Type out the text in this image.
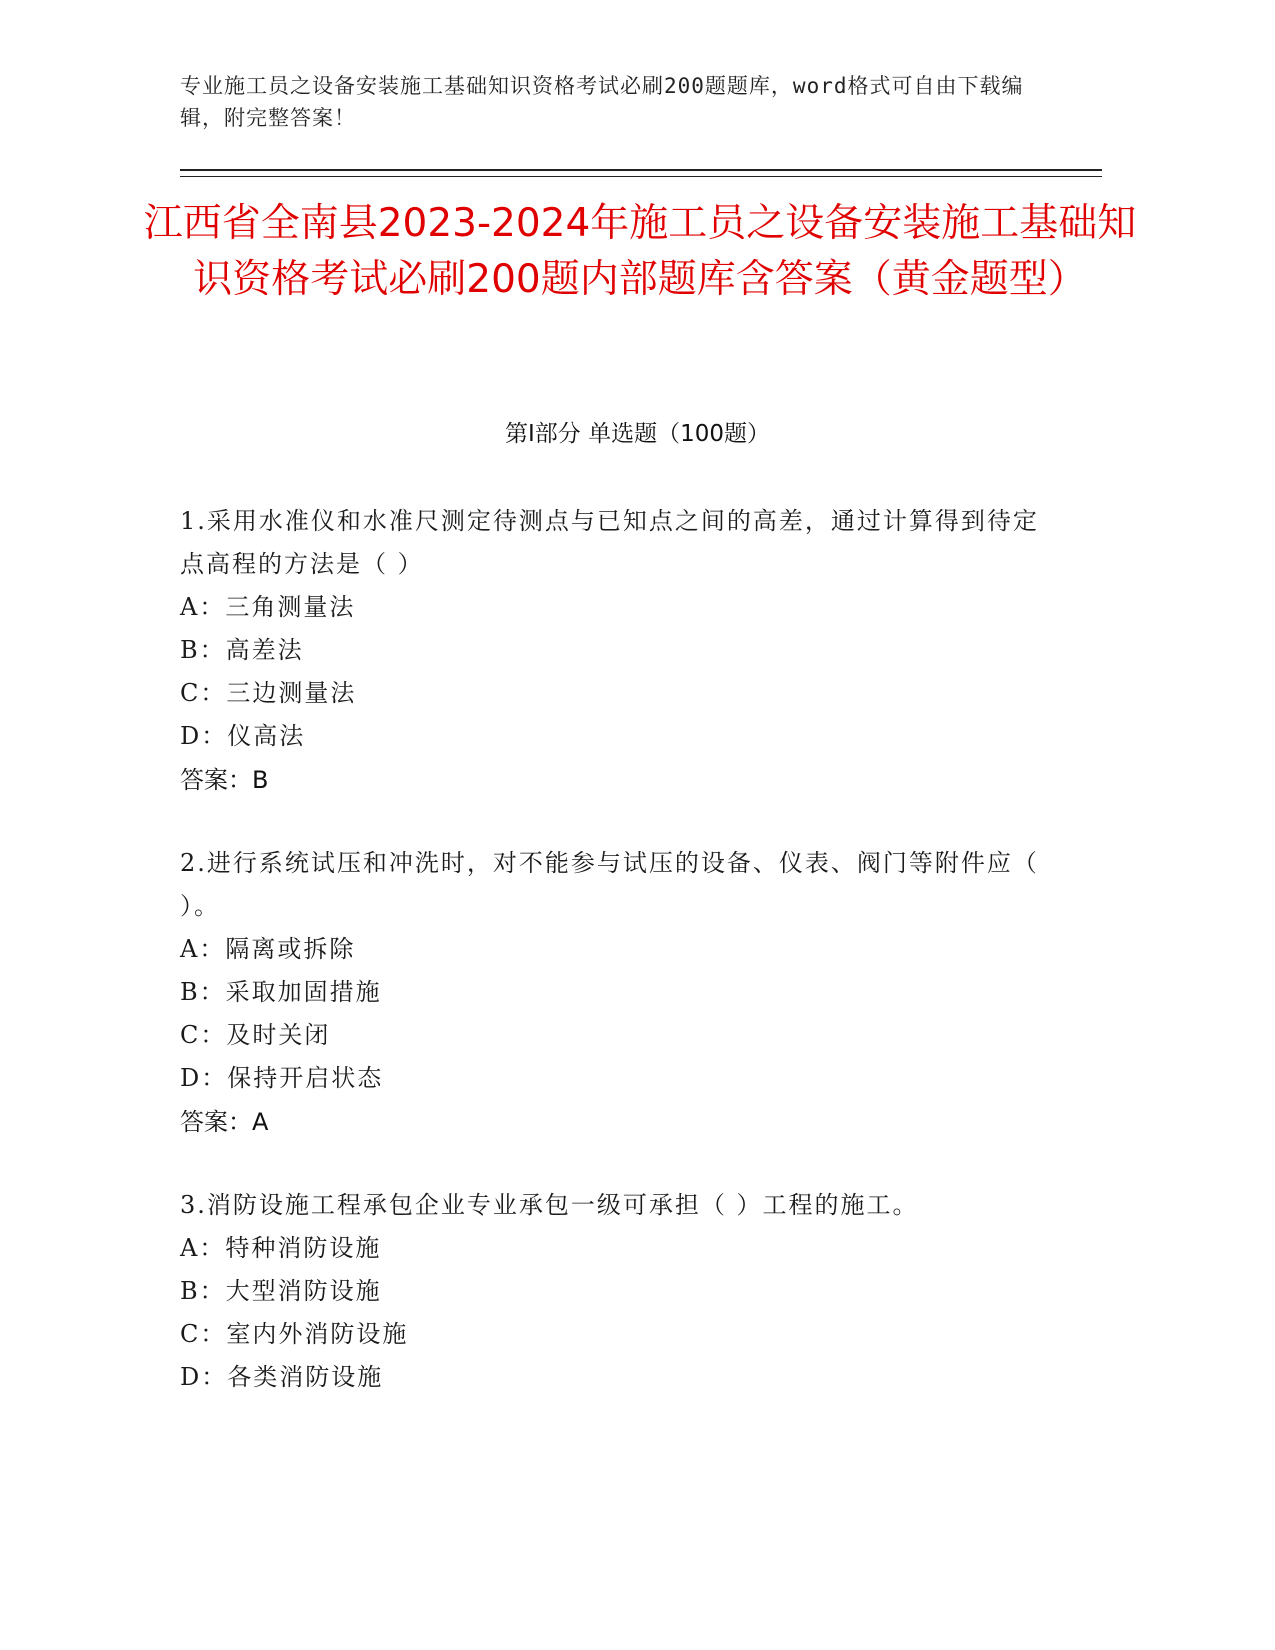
专业施工员之设备安装施工基础知识资格考试必刷200题题库，word格式可自由下载编辑，附完整答案！
江西省全南县2023-2024年施工员之设备安装施工基础知识资格考试必刷200题内部题库含答案（黄金题型）
第Ⅰ部分 单选题（100题）
1.采用水准仪和水准尺测定待测点与已知点之间的高差，通过计算得到待定点高程的方法是（ ）
A：三角测量法
B：高差法
C：三边测量法
D：仪高法
答案：B
2.进行系统试压和冲洗时，对不能参与试压的设备、仪表、阀门等附件应（ ）。
A：隔离或拆除
B：采取加固措施
C：及时关闭
D：保持开启状态
答案：A
3.消防设施工程承包企业专业承包一级可承担（ ）工程的施工。
A：特种消防设施
B：大型消防设施
C：室内外消防设施
D：各类消防设施
